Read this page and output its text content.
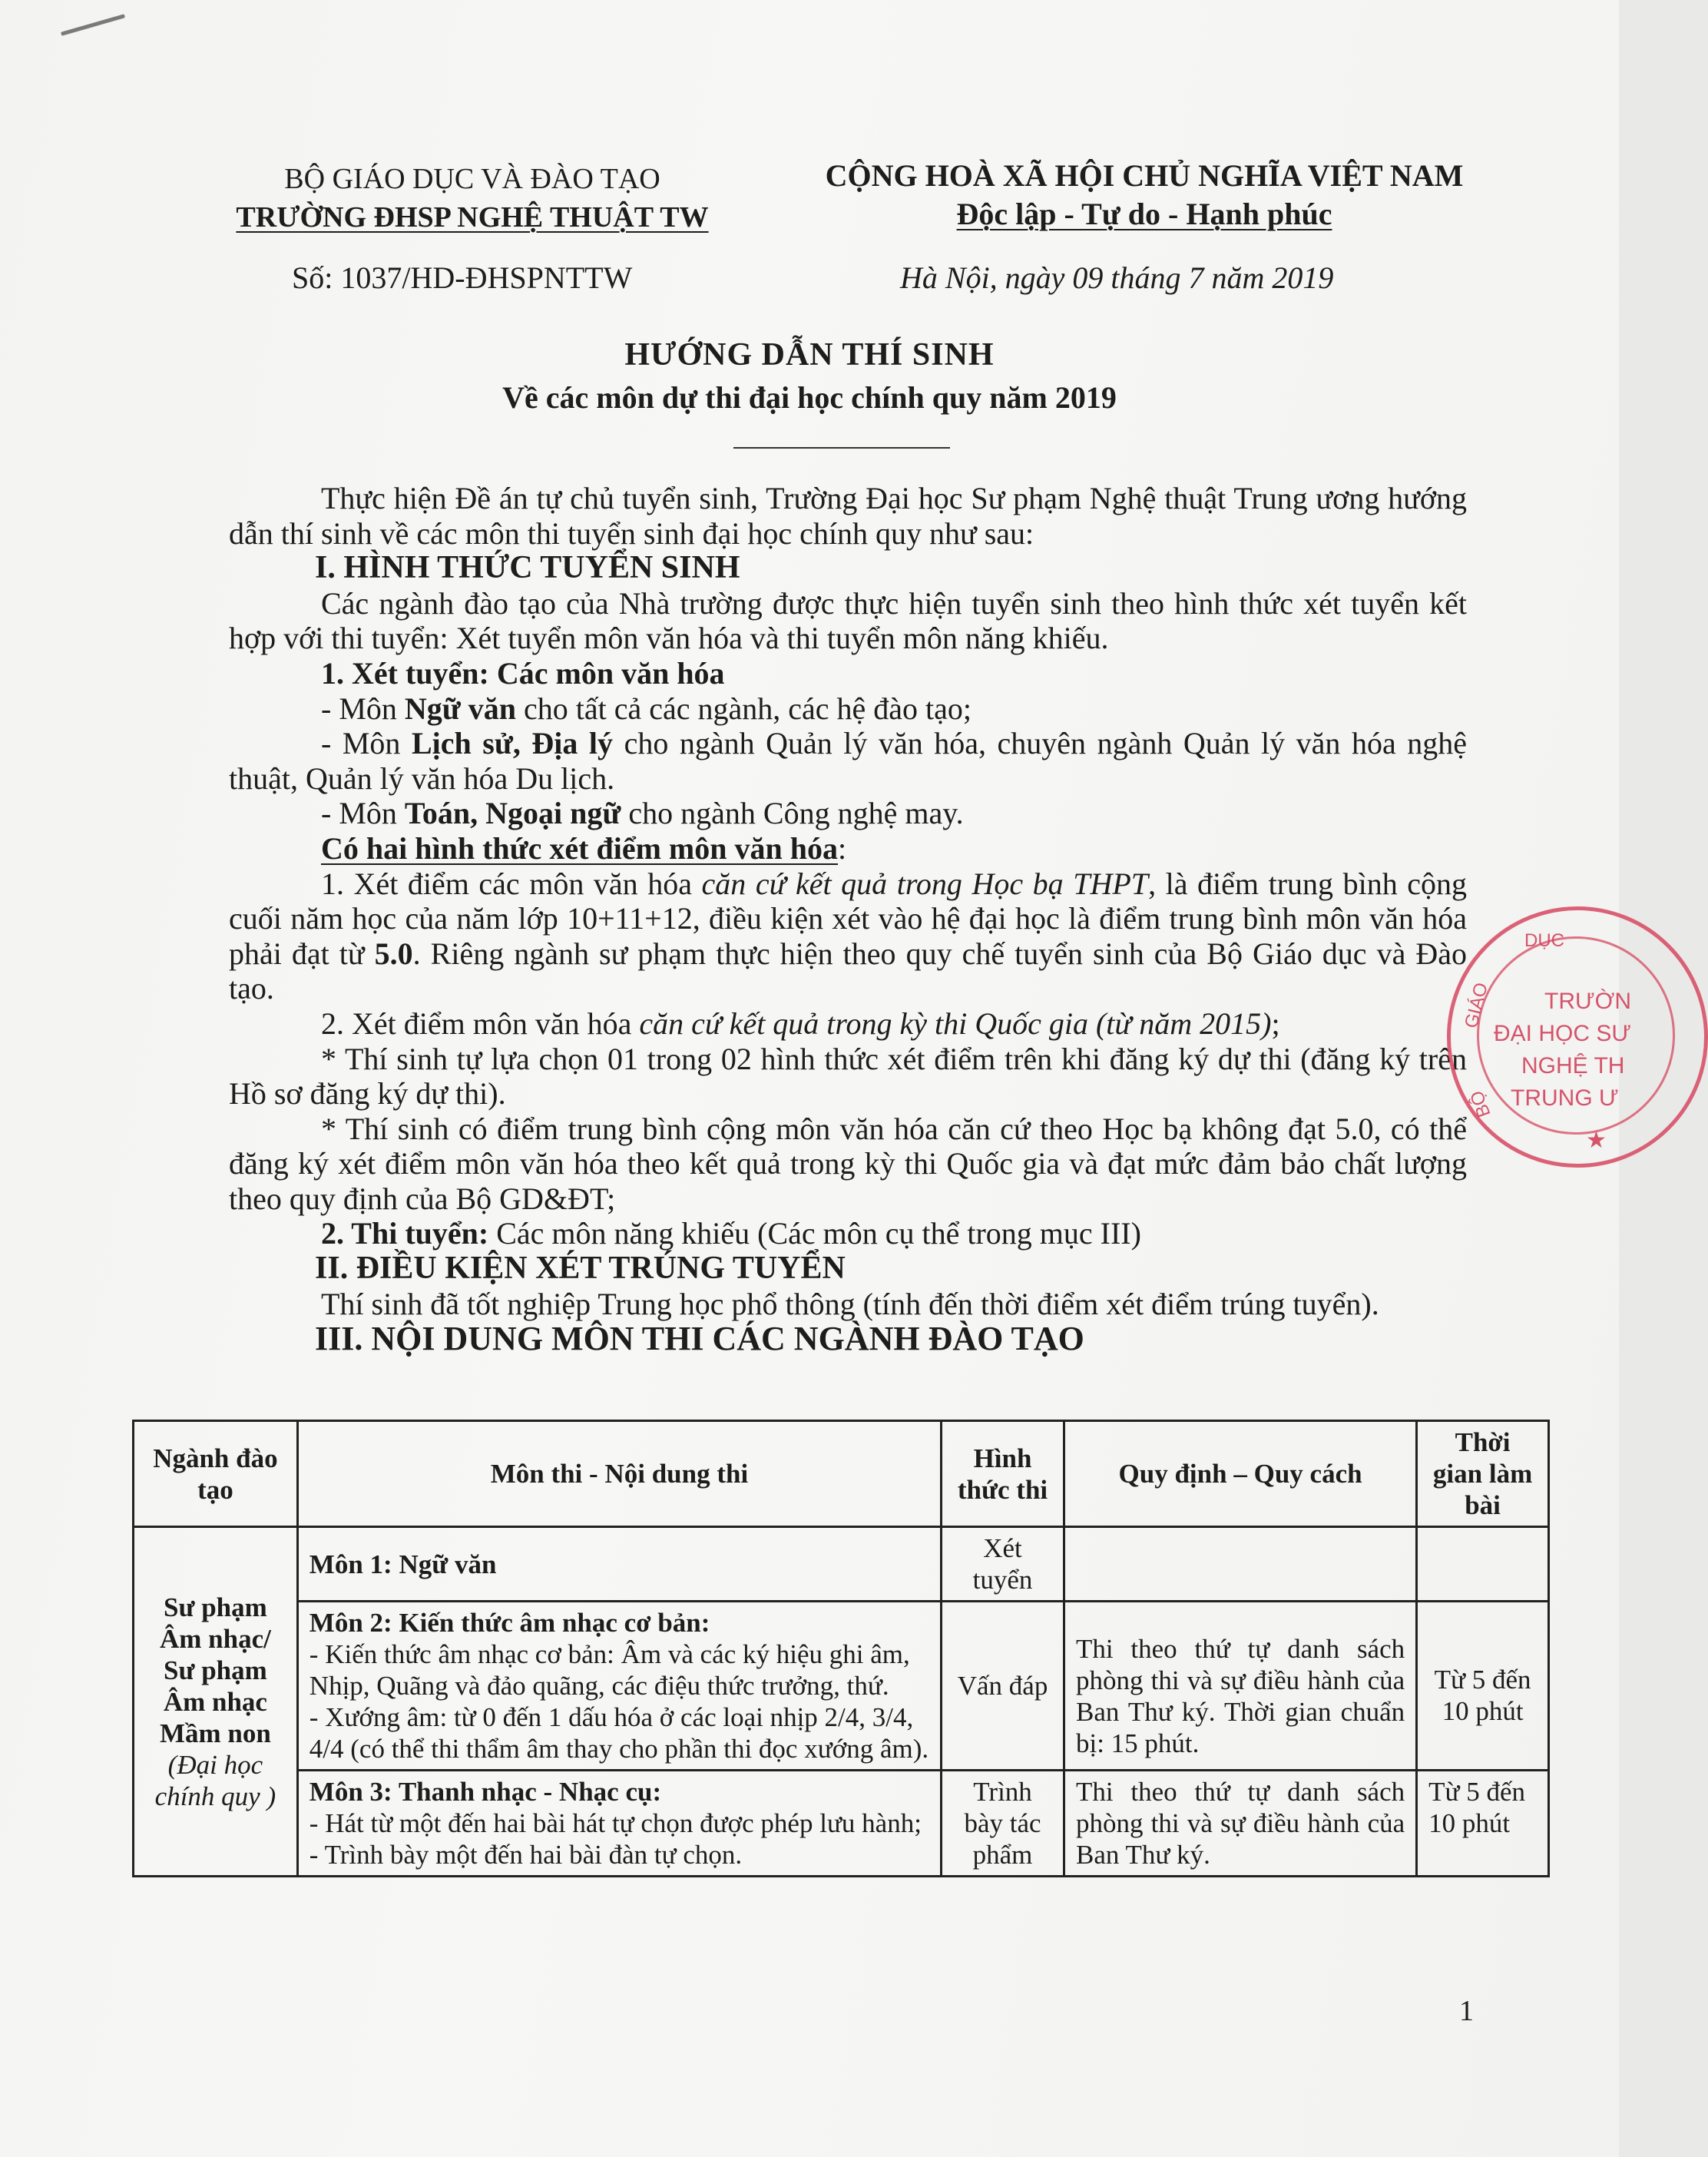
BỘ GIÁO DỤC VÀ ĐÀO TẠO
TRƯỜNG ĐHSP NGHỆ THUẬT TW
CỘNG HOÀ XÃ HỘI CHỦ NGHĨA VIỆT NAM
Độc lập - Tự do - Hạnh phúc
Số: 1037/HD-ĐHSPNTTW	Hà Nội, ngày 09 tháng 7 năm 2019
HƯỚNG DẪN THÍ SINH
Về các môn dự thi đại học chính quy năm 2019

Thực hiện Đề án tự chủ tuyển sinh, Trường Đại học Sư phạm Nghệ thuật Trung ương hướng dẫn thí sinh về các môn thi tuyển sinh đại học chính quy như sau:

I. HÌNH THỨC TUYỂN SINH

Các ngành đào tạo của Nhà trường được thực hiện tuyển sinh theo hình thức xét tuyển kết hợp với thi tuyển: Xét tuyển môn văn hóa và thi tuyển môn năng khiếu.

1. Xét tuyển: Các môn văn hóa

- Môn Ngữ văn cho tất cả các ngành, các hệ đào tạo;

- Môn Lịch sử, Địa lý cho ngành Quản lý văn hóa, chuyên ngành Quản lý văn hóa nghệ thuật, Quản lý văn hóa Du lịch.

- Môn Toán, Ngoại ngữ cho ngành Công nghệ may.

Có hai hình thức xét điểm môn văn hóa:

1. Xét điểm các môn văn hóa căn cứ kết quả trong Học bạ THPT, là điểm trung bình cộng cuối năm học của năm lớp 10+11+12, điều kiện xét vào hệ đại học là điểm trung bình môn văn hóa phải đạt từ 5.0. Riêng ngành sư phạm thực hiện theo quy chế tuyển sinh của Bộ Giáo dục và Đào tạo.

2. Xét điểm môn văn hóa căn cứ kết quả trong kỳ thi Quốc gia (từ năm 2015);

* Thí sinh tự lựa chọn 01 trong 02 hình thức xét điểm trên khi đăng ký dự thi (đăng ký trên Hồ sơ đăng ký dự thi).

* Thí sinh có điểm trung bình cộng môn văn hóa căn cứ theo Học bạ không đạt 5.0, có thể đăng ký xét điểm môn văn hóa theo kết quả trong kỳ thi Quốc gia và đạt mức đảm bảo chất lượng theo quy định của Bộ GD&ĐT;

2. Thi tuyển: Các môn năng khiếu (Các môn cụ thể trong mục III)

II. ĐIỀU KIỆN XÉT TRÚNG TUYỂN

Thí sinh đã tốt nghiệp Trung học phổ thông (tính đến thời điểm xét điểm trúng tuyển).

III. NỘI DUNG MÔN THI CÁC NGÀNH ĐÀO TẠO

Ngành đào tạo	Môn thi - Nội dung thi	Hình thức thi	Quy định – Quy cách	Thời gian làm bài

Sư phạm Âm nhạc/ Sư phạm Âm nhạc Mầm non
(Đại học chính quy )	Môn 1: Ngữ văn	Xét tuyển		

	Môn 2: Kiến thức âm nhạc cơ bản:
- Kiến thức âm nhạc cơ bản: Âm và các ký hiệu ghi âm, Nhịp, Quãng và đảo quãng, các điệu thức trưởng, thứ.
- Xướng âm: từ 0 đến 1 dấu hóa ở các loại nhịp 2/4, 3/4, 4/4 (có thể thi thẩm âm thay cho phần thi đọc xướng âm).	Vấn đáp	Thi theo thứ tự danh sách phòng thi và sự điều hành của Ban Thư ký. Thời gian chuẩn bị: 15 phút.	Từ 5 đến 10 phút

	Môn 3: Thanh nhạc - Nhạc cụ:
- Hát từ một đến hai bài hát tự chọn được phép lưu hành;
- Trình bày một đến hai bài đàn tự chọn.	Trình bày tác phẩm	Thi theo thứ tự danh sách phòng thi và sự điều hành của Ban Thư ký.	Từ 5 đến 10 phút
1
DỤC
GIÁO
BỘ
TRƯỜN
ĐẠI HỌC SƯ
NGHỆ TH
TRUNG Ư
★
